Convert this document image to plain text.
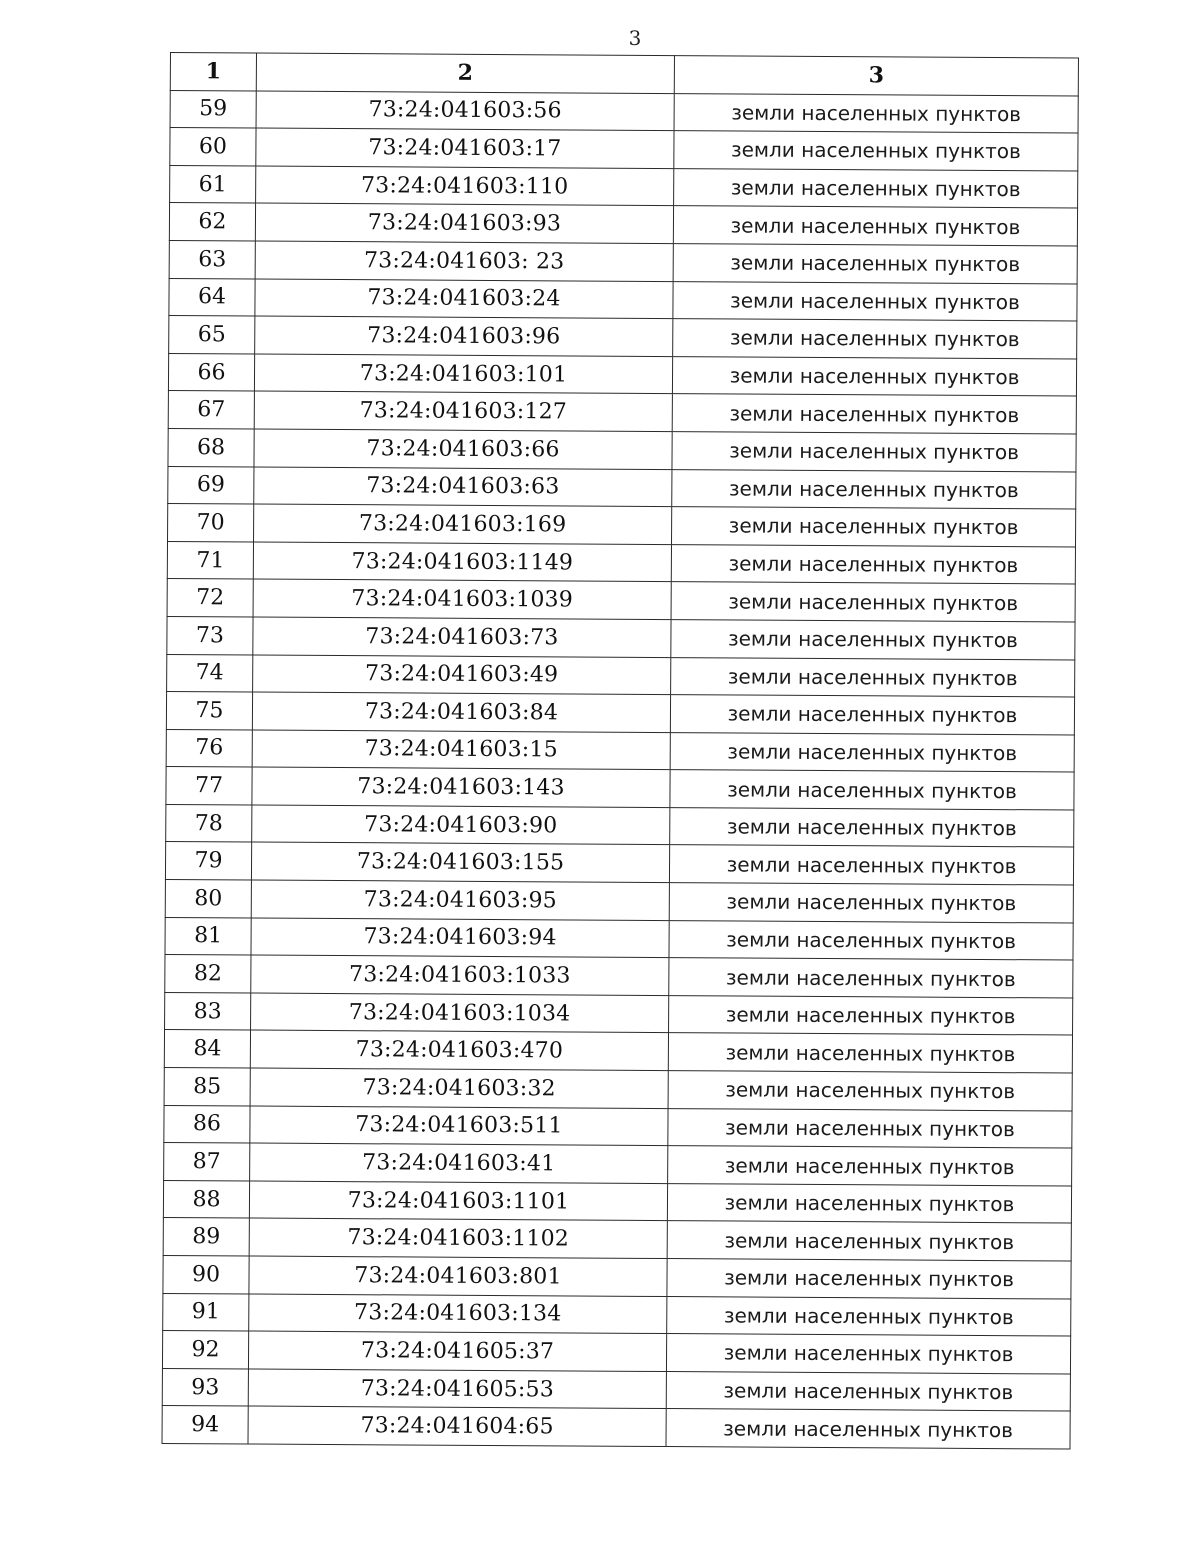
3
1	2	3
59	73:24:041603:56	земли населенных пунктов
60	73:24:041603:17	земли населенных пунктов
61	73:24:041603:110	земли населенных пунктов
62	73:24:041603:93	земли населенных пунктов
63	73:24:041603: 23	земли населенных пунктов
64	73:24:041603:24	земли населенных пунктов
65	73:24:041603:96	земли населенных пунктов
66	73:24:041603:101	земли населенных пунктов
67	73:24:041603:127	земли населенных пунктов
68	73:24:041603:66	земли населенных пунктов
69	73:24:041603:63	земли населенных пунктов
70	73:24:041603:169	земли населенных пунктов
71	73:24:041603:1149	земли населенных пунктов
72	73:24:041603:1039	земли населенных пунктов
73	73:24:041603:73	земли населенных пунктов
74	73:24:041603:49	земли населенных пунктов
75	73:24:041603:84	земли населенных пунктов
76	73:24:041603:15	земли населенных пунктов
77	73:24:041603:143	земли населенных пунктов
78	73:24:041603:90	земли населенных пунктов
79	73:24:041603:155	земли населенных пунктов
80	73:24:041603:95	земли населенных пунктов
81	73:24:041603:94	земли населенных пунктов
82	73:24:041603:1033	земли населенных пунктов
83	73:24:041603:1034	земли населенных пунктов
84	73:24:041603:470	земли населенных пунктов
85	73:24:041603:32	земли населенных пунктов
86	73:24:041603:511	земли населенных пунктов
87	73:24:041603:41	земли населенных пунктов
88	73:24:041603:1101	земли населенных пунктов
89	73:24:041603:1102	земли населенных пунктов
90	73:24:041603:801	земли населенных пунктов
91	73:24:041603:134	земли населенных пунктов
92	73:24:041605:37	земли населенных пунктов
93	73:24:041605:53	земли населенных пунктов
94	73:24:041604:65	земли населенных пунктов
